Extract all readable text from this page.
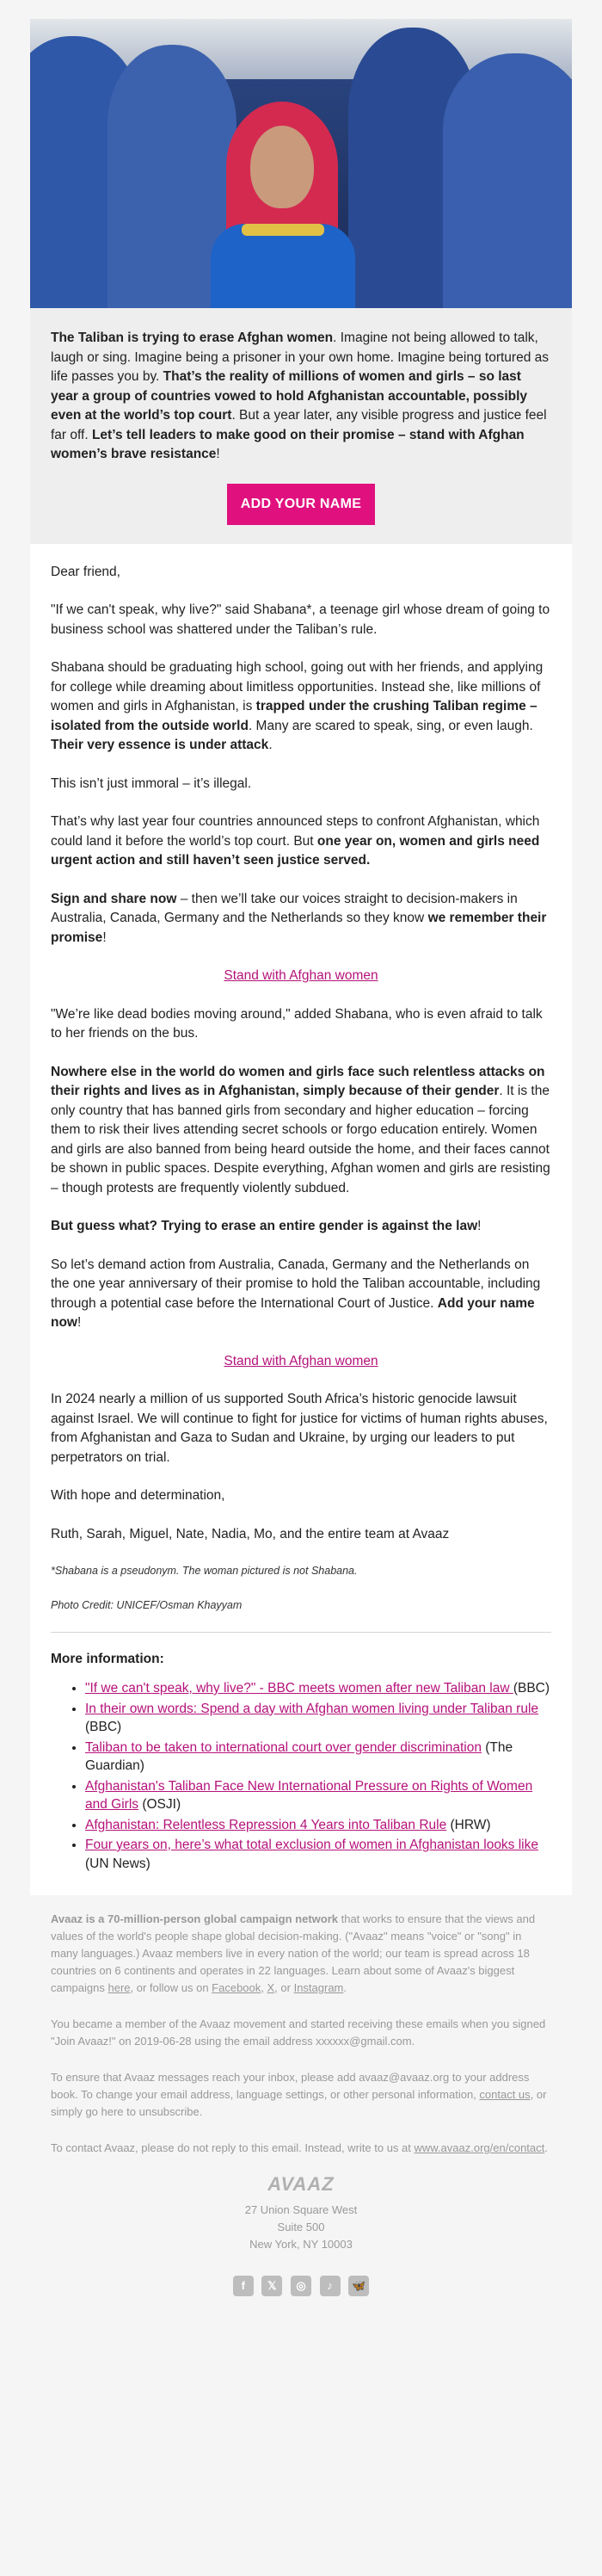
The Taliban is trying to erase Afghan women. Imagine not being allowed to talk, laugh or sing. Imagine being a prisoner in your own home. Imagine being tortured as life passes you by. That’s the reality of millions of women and girls – so last year a group of countries vowed to hold Afghanistan accountable, possibly even at the world’s top court. But a year later, any visible progress and justice feel far off. Let’s tell leaders to make good on their promise – stand with Afghan women’s brave resistance!

ADD YOUR NAME

Dear friend,

"If we can't speak, why live?" said Shabana*, a teenage girl whose dream of going to business school was shattered under the Taliban’s rule.

Shabana should be graduating high school, going out with her friends, and applying for college while dreaming about limitless opportunities. Instead she, like millions of women and girls in Afghanistan, is trapped under the crushing Taliban regime – isolated from the outside world. Many are scared to speak, sing, or even laugh. Their very essence is under attack.

This isn’t just immoral – it’s illegal.

That’s why last year four countries announced steps to confront Afghanistan, which could land it before the world’s top court. But one year on, women and girls need urgent action and still haven’t seen justice served.

Sign and share now – then we’ll take our voices straight to decision-makers in Australia, Canada, Germany and the Netherlands so they know we remember their promise!

Stand with Afghan women

"We’re like dead bodies moving around," added Shabana, who is even afraid to talk to her friends on the bus.

Nowhere else in the world do women and girls face such relentless attacks on their rights and lives as in Afghanistan, simply because of their gender. It is the only country that has banned girls from secondary and higher education – forcing them to risk their lives attending secret schools or forgo education entirely. Women and girls are also banned from being heard outside the home, and their faces cannot be shown in public spaces. Despite everything, Afghan women and girls are resisting – though protests are frequently violently subdued.

But guess what? Trying to erase an entire gender is against the law!

So let’s demand action from Australia, Canada, Germany and the Netherlands on the one year anniversary of their promise to hold the Taliban accountable, including through a potential case before the International Court of Justice. Add your name now!

Stand with Afghan women

In 2024 nearly a million of us supported South Africa’s historic genocide lawsuit against Israel. We will continue to fight for justice for victims of human rights abuses, from Afghanistan and Gaza to Sudan and Ukraine, by urging our leaders to put perpetrators on trial.

With hope and determination,

Ruth, Sarah, Miguel, Nate, Nadia, Mo, and the entire team at Avaaz

*Shabana is a pseudonym. The woman pictured is not Shabana.

Photo Credit: UNICEF/Osman Khayyam

More information:
• "If we can't speak, why live?" - BBC meets women after new Taliban law (BBC)
• In their own words: Spend a day with Afghan women living under Taliban rule (BBC)
• Taliban to be taken to international court over gender discrimination (The Guardian)
• Afghanistan's Taliban Face New International Pressure on Rights of Women and Girls (OSJI)
• Afghanistan: Relentless Repression 4 Years into Taliban Rule (HRW)
• Four years on, here’s what total exclusion of women in Afghanistan looks like (UN News)

Avaaz is a 70-million-person global campaign network that works to ensure that the views and values of the world's people shape global decision-making. ("Avaaz" means "voice" or "song" in many languages.) Avaaz members live in every nation of the world; our team is spread across 18 countries on 6 continents and operates in 22 languages. Learn about some of Avaaz's biggest campaigns here, or follow us on Facebook, X, or Instagram.

You became a member of the Avaaz movement and started receiving these emails when you signed "Join Avaaz!" on 2019-06-28 using the email address xxxxxx@gmail.com.

To ensure that Avaaz messages reach your inbox, please add avaaz@avaaz.org to your address book. To change your email address, language settings, or other personal information, contact us, or simply go here to unsubscribe.

To contact Avaaz, please do not reply to this email. Instead, write to us at www.avaaz.org/en/contact.

AVAAZ
27 Union Square West
Suite 500
New York, NY 10003
f 𝕏 ◎ ♪ 🦋
